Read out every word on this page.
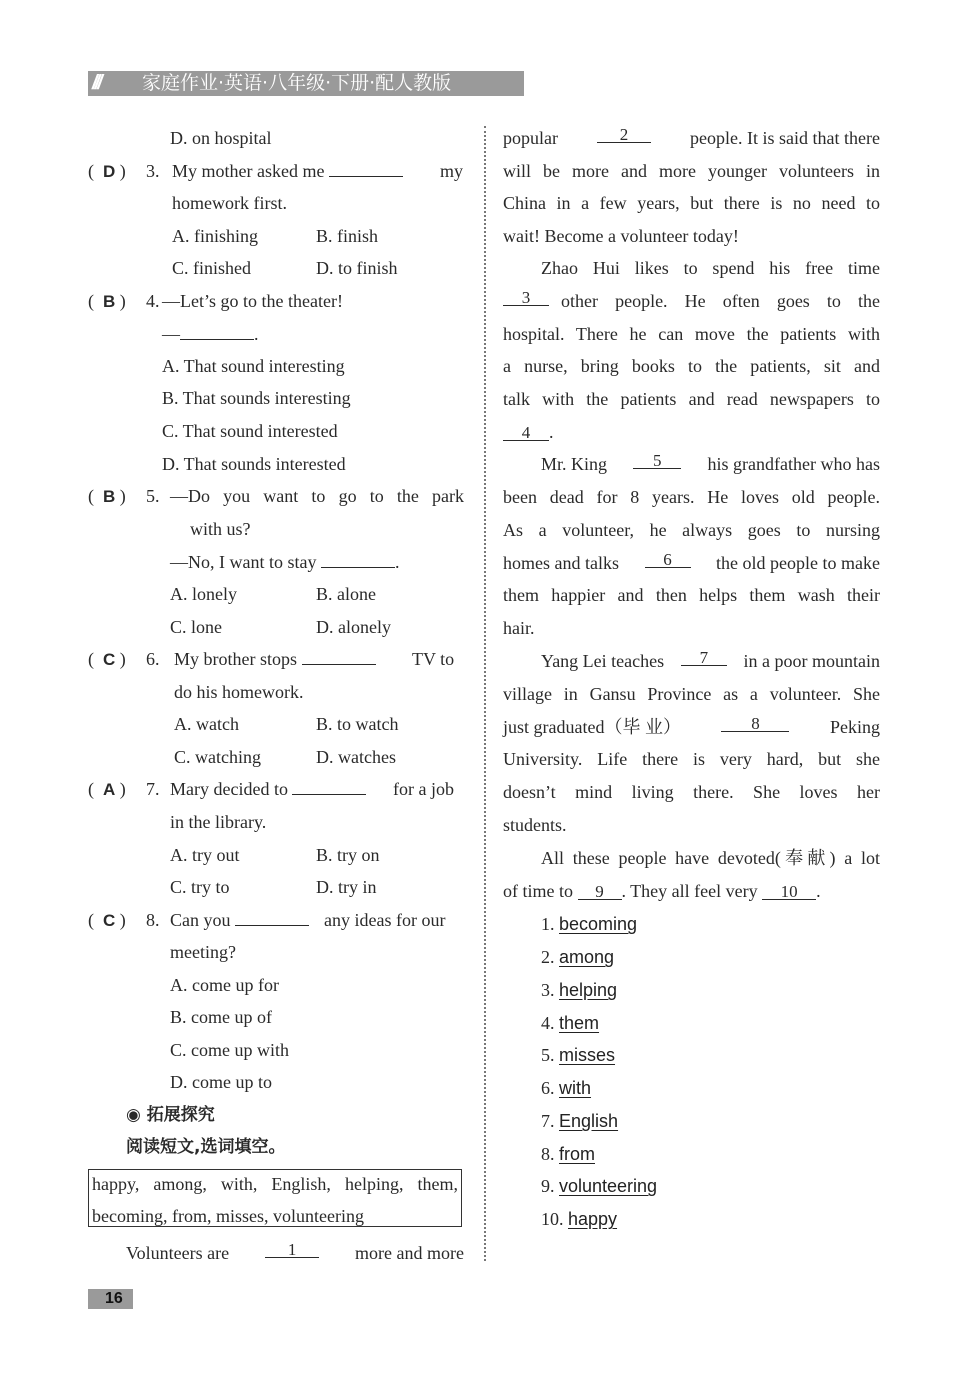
/// 家庭作业·英语·八年级·下册·配人教版
D. on hospital
(  D ) 3. My mother asked me	my
homework first.
A. finishing	B. finish
C. finished	D. to finish
(  B ) 4. —Let’s go to the theater!
—	.
A. That sound interesting
B. That sounds interesting
C. That sound interested
D. That sounds interested
(  B ) 5. —Do you want to go to the park
with us?
—No, I want to stay	.
A. lonely	B. alone
C. lone	D. alonely
(  C ) 6. My brother stops	TV to
do his homework.
A. watch	B. to watch
C. watching	D. watches
(  A ) 7. Mary decided to	for a job
in the library.
A. try out	B. try on
C. try to	D. try in
(  C ) 8. Can you	any ideas for our
meeting?
A. come up for
B. come up of
C. come up with
D. come up to
◉ 拓展探究
阅读短文,选词填空。
happy, among, with, English, helping, them,
becoming, from, misses, volunteering
Volunteers are	1	more and more
popular	2	people. It is said that there
will be more and more younger volunteers in
China in a few years, but there is no need to
wait! Become a volunteer today!
Zhao Hui likes to spend his free time
3	other people. He often goes to the
hospital. There he can move the patients with
a nurse, bring books to the patients, sit and
talk with the patients and read newspapers to
4 .
Mr. King	5	his grandfather who has
been dead for 8 years. He loves old people.
As a volunteer, he always goes to nursing
homes and talks	6	the old people to make
them happier and then helps them wash their
hair.
Yang Lei teaches	7	in a poor mountain
village in Gansu Province as a volunteer. She
just graduated（毕 业）	8	Peking
University. Life there is very hard, but she
doesn’t mind living there. She loves her
students.
All these people have devoted(奉献) a lot
of time to 9 . They all feel very 10 .
1. becoming
2. among
3. helping
4. them
5. misses
6. with
7. English
8. from
9. volunteering
10. happy
16
